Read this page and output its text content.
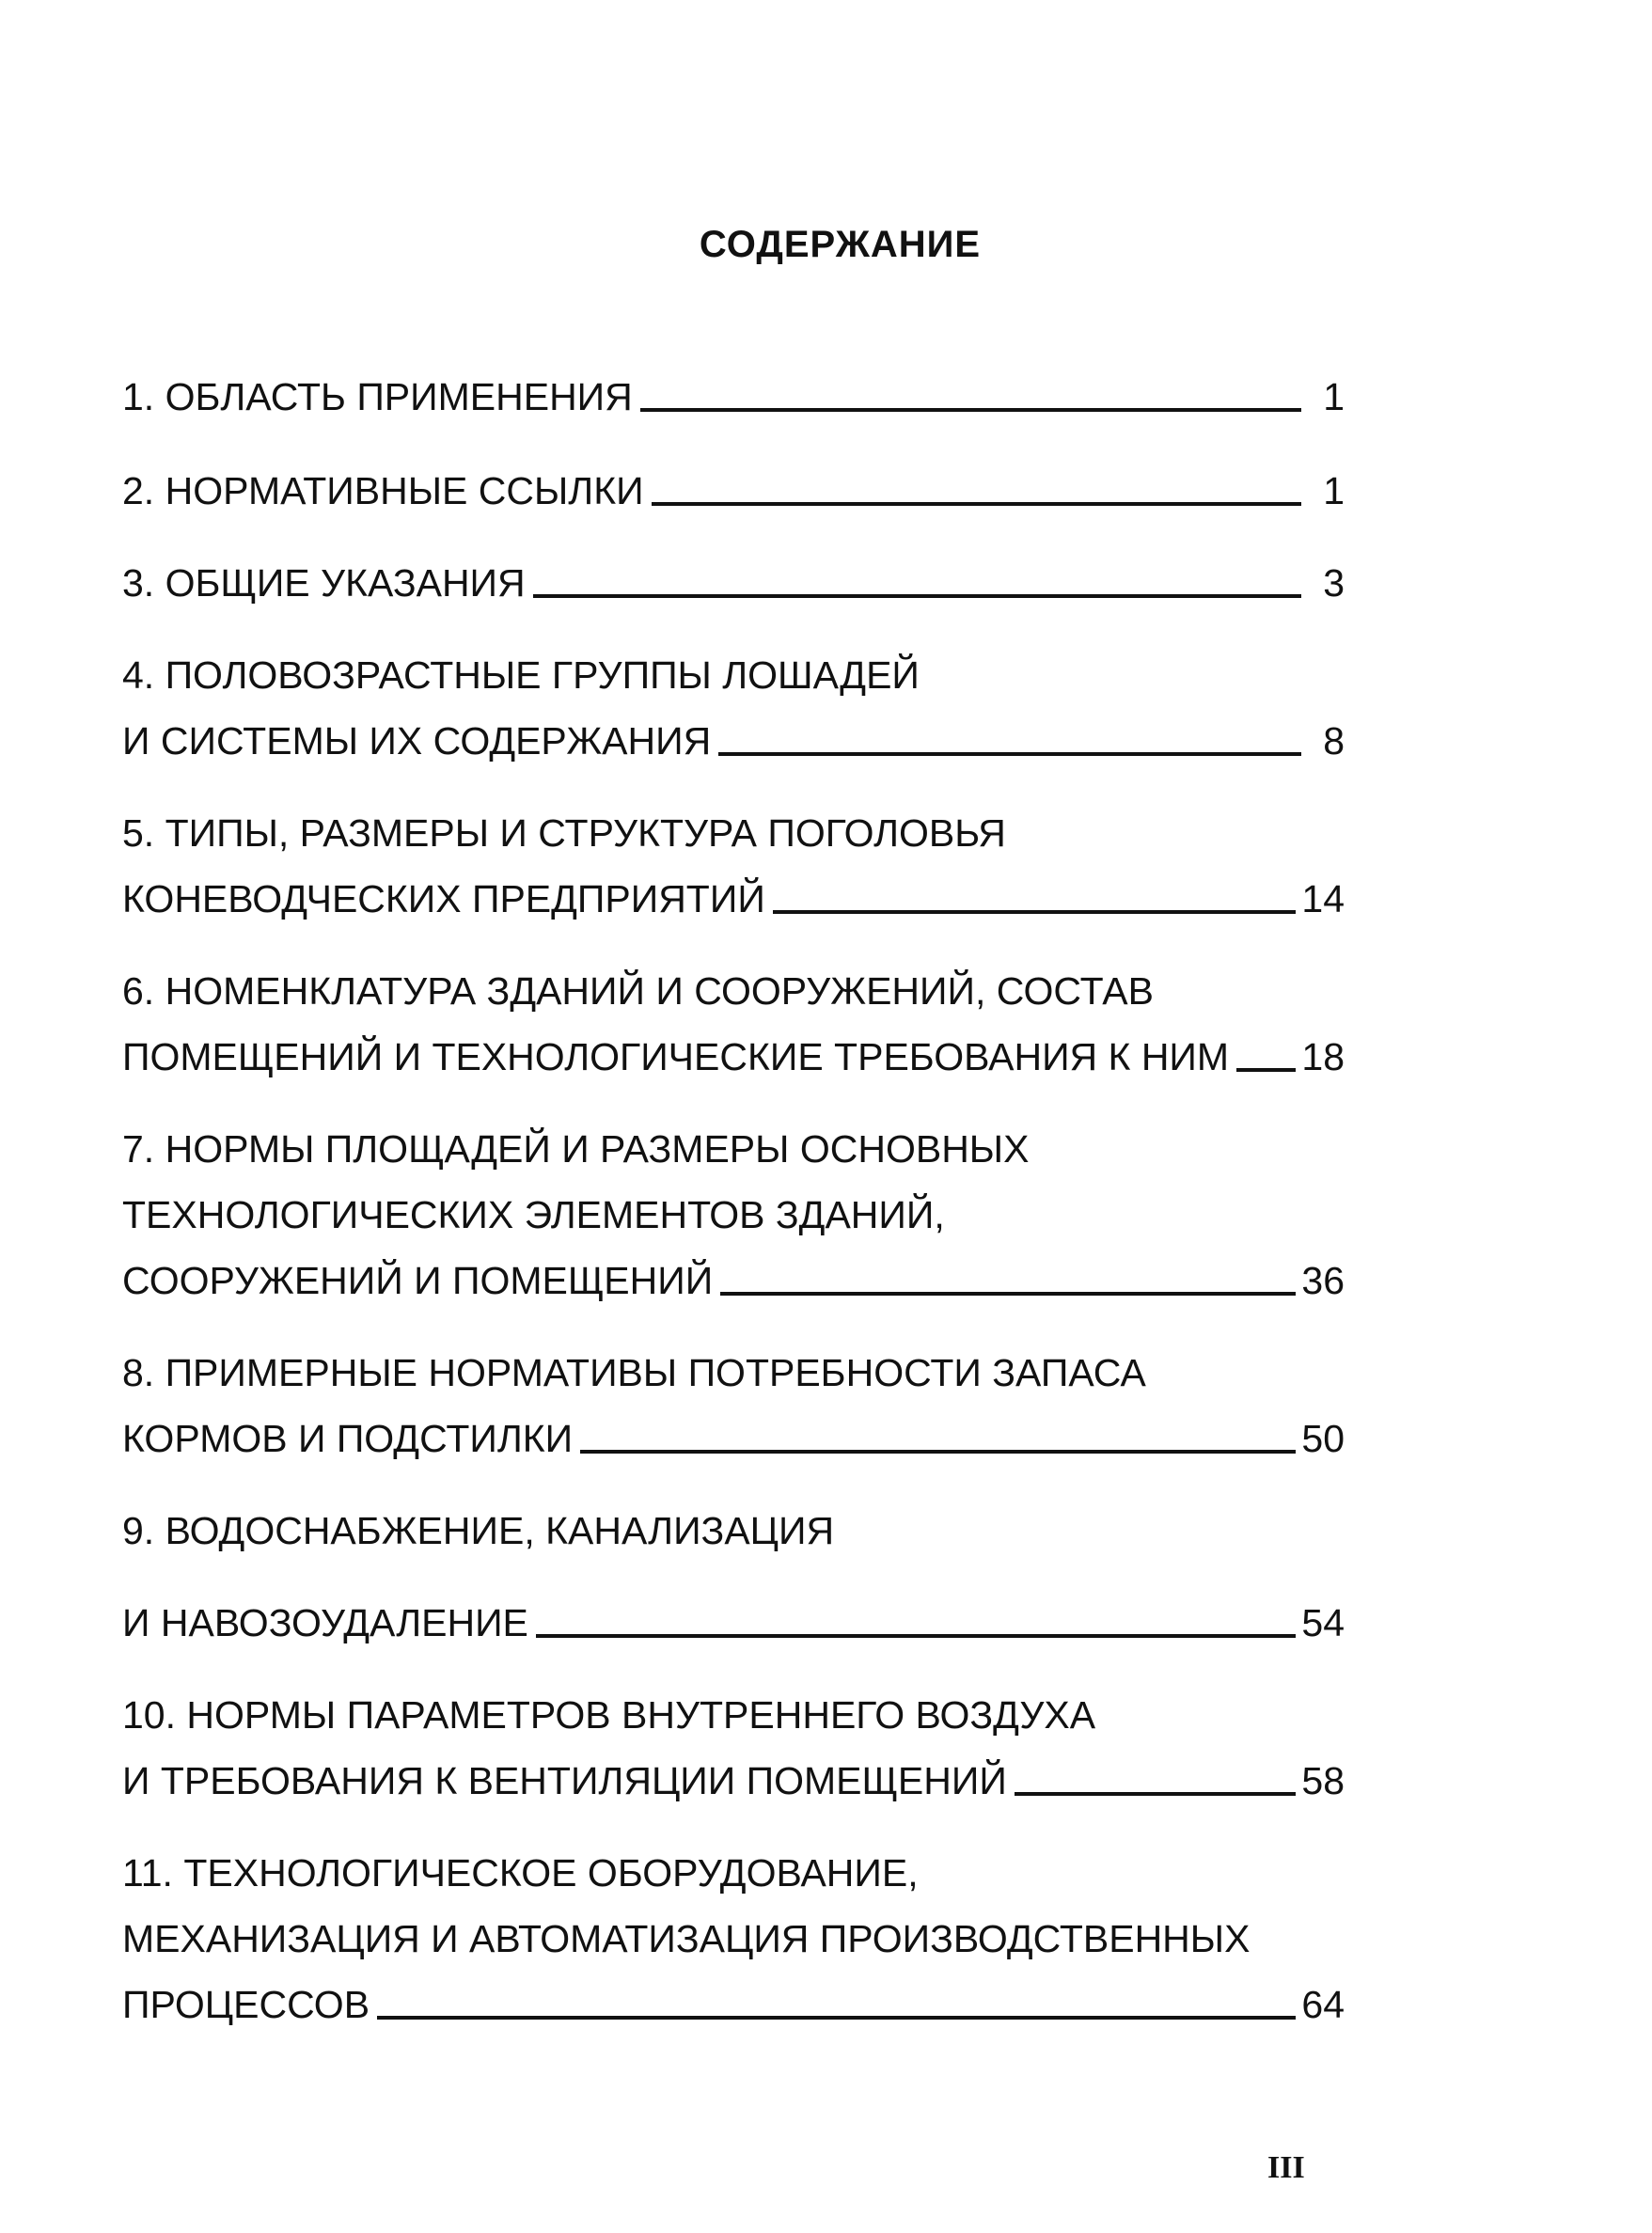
СОДЕРЖАНИЕ
1. ОБЛАСТЬ ПРИМЕНЕНИЯ	1
2. НОРМАТИВНЫЕ ССЫЛКИ	1
3. ОБЩИЕ УКАЗАНИЯ	3
4. ПОЛОВОЗРАСТНЫЕ ГРУППЫ ЛОШАДЕЙ
И СИСТЕМЫ ИХ СОДЕРЖАНИЯ	8
5. ТИПЫ, РАЗМЕРЫ И СТРУКТУРА ПОГОЛОВЬЯ
КОНЕВОДЧЕСКИХ ПРЕДПРИЯТИЙ	14
6. НОМЕНКЛАТУРА ЗДАНИЙ И СООРУЖЕНИЙ, СОСТАВ
ПОМЕЩЕНИЙ И ТЕХНОЛОГИЧЕСКИЕ ТРЕБОВАНИЯ К НИМ 18
7. НОРМЫ ПЛОЩАДЕЙ И РАЗМЕРЫ ОСНОВНЫХ
ТЕХНОЛОГИЧЕСКИХ ЭЛЕМЕНТОВ ЗДАНИЙ,
СООРУЖЕНИЙ И ПОМЕЩЕНИЙ	36
8. ПРИМЕРНЫЕ НОРМАТИВЫ ПОТРЕБНОСТИ ЗАПАСА
КОРМОВ И ПОДСТИЛКИ	50
9. ВОДОСНАБЖЕНИЕ, КАНАЛИЗАЦИЯ
И НАВОЗОУДАЛЕНИЕ	54
10. НОРМЫ ПАРАМЕТРОВ ВНУТРЕННЕГО ВОЗДУХА
И ТРЕБОВАНИЯ К ВЕНТИЛЯЦИИ ПОМЕЩЕНИЙ	58
11. ТЕХНОЛОГИЧЕСКОЕ ОБОРУДОВАНИЕ,
МЕХАНИЗАЦИЯ И АВТОМАТИЗАЦИЯ ПРОИЗВОДСТВЕННЫХ
ПРОЦЕССОВ	64
III
